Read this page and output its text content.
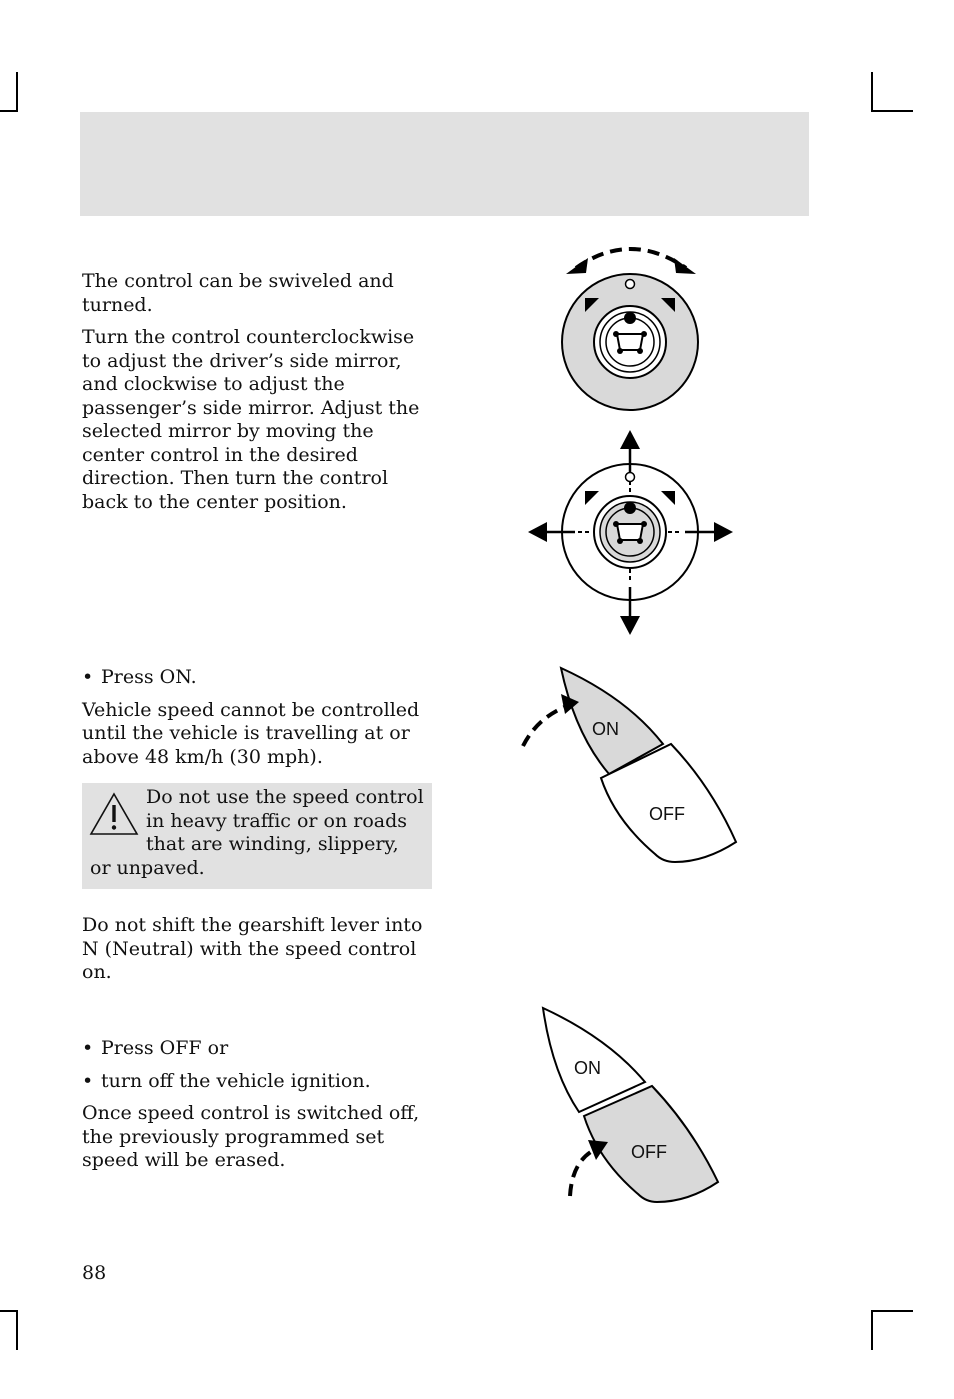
The control can be swiveled and turned.

Turn the control counterclockwise to adjust the driver’s side mirror, and clockwise to adjust the passenger’s side mirror. Adjust the selected mirror by moving the center control in the desired direction. Then turn the control back to the center position.

• Press ON.

Vehicle speed cannot be controlled until the vehicle is travelling at or above 48 km/h (30 mph).

Do not use the speed control in heavy traffic or on roads that are winding, slippery, or unpaved.

Do not shift the gearshift lever into N (Neutral) with the speed control on.

• Press OFF or
• turn off the vehicle ignition.

Once speed control is switched off, the previously programmed set speed will be erased.

ON
OFF
ON
OFF
88
